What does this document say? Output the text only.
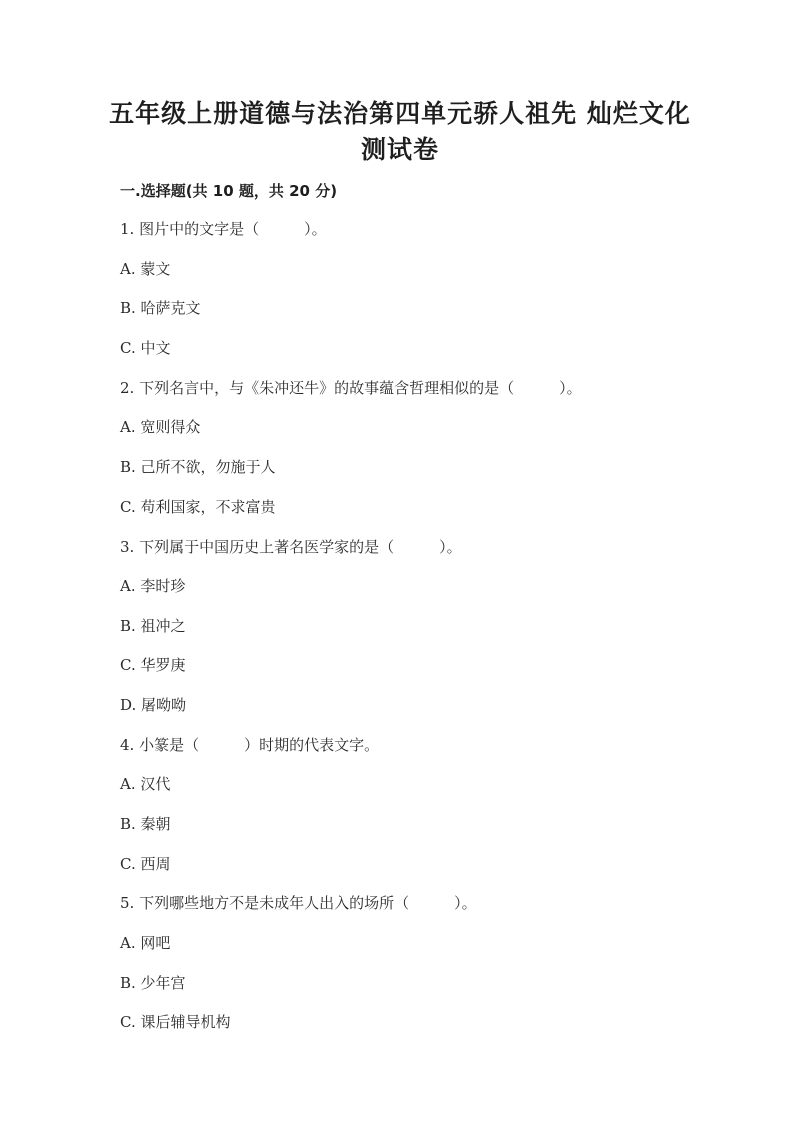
五年级上册道德与法治第四单元骄人祖先 灿烂文化
测试卷
一.选择题(共 10 题，共 20 分)
1. 图片中的文字是（　　　）。
A. 蒙文
B. 哈萨克文
C. 中文
2. 下列名言中，与《朱冲还牛》的故事蕴含哲理相似的是（　　　）。
A. 宽则得众
B. 己所不欲，勿施于人
C. 苟利国家，不求富贵
3. 下列属于中国历史上著名医学家的是（　　　）。
A. 李时珍
B. 祖冲之
C. 华罗庚
D. 屠呦呦
4. 小篆是（　　　）时期的代表文字。
A. 汉代
B. 秦朝
C. 西周
5. 下列哪些地方不是未成年人出入的场所（　　　）。
A. 网吧
B. 少年宫
C. 课后辅导机构
